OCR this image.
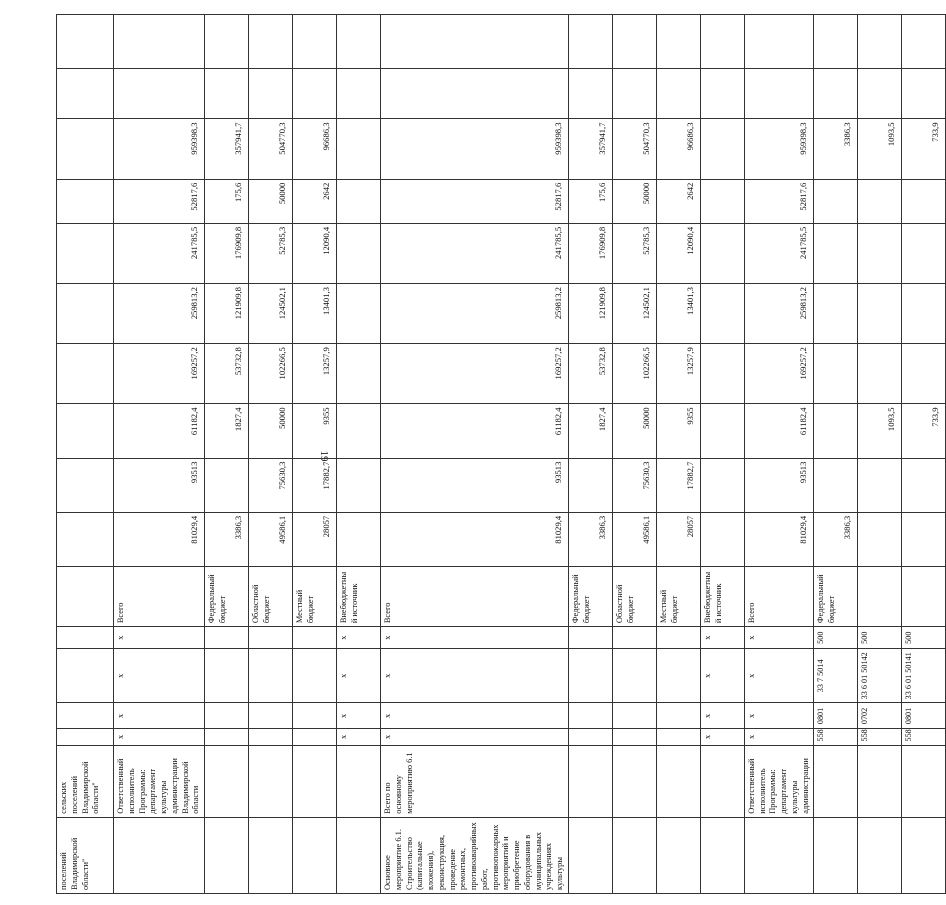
19
поселений Владимирской области"	сельских поселений Владимирской области"															
	Ответственный исполнитель Программы: департамент культуры администрации Владимирской области	x	x	x	x	Всего	81029,4	93513	61182,4	169257,2	259813,2	241785,5	52817,6	959398,3		
						Федеральный бюджет	3386,3		1827,4	53732,8	121909,8	176909,8	175,6	357941,7		
						Областной бюджет	49586,1	75630,3	50000	102266,5	124502,1	52785,3	50000	504770,3		
						Местный бюджет	28057	17882,7	9355	13257,9	13401,3	12090,4	2642	96686,3		
		x	x	x	x	Внебюджетный источник										
Основное мероприятие 6.1. Строительство (капитальные вложения), реконструкция, проведение ремонтных, противоаварийных работ, противопожарных мероприятий и приобретение оборудования в муниципальных учреждениях культуры	Всего по основному мероприятию 6.1	x	x	x	x	Всего	81029,4	93513	61182,4	169257,2	259813,2	241785,5	52817,6	959398,3		
						Федеральный бюджет	3386,3		1827,4	53732,8	121909,8	176909,8	175,6	357941,7		
						Областной бюджет	49586,1	75630,3	50000	102266,5	124502,1	52785,3	50000	504770,3		
						Местный бюджет	28057	17882,7	9355	13257,9	13401,3	12090,4	2642	96686,3		
		x	x	x	x	Внебюджетный источник										
	Ответственный исполнитель Программы: департамент культуры администрации	x	x	x	x	Всего	81029,4	93513	61182,4	169257,2	259813,2	241785,5	52817,6	959398,3		
		558	0801	33 7 5014	500	Федеральный бюджет	3386,3							3386,3		
		558	0702	33 6 01 50142	500				1093,5					1093,5		
		558	0801	33 6 01 50141	500				733,9					733,9		
